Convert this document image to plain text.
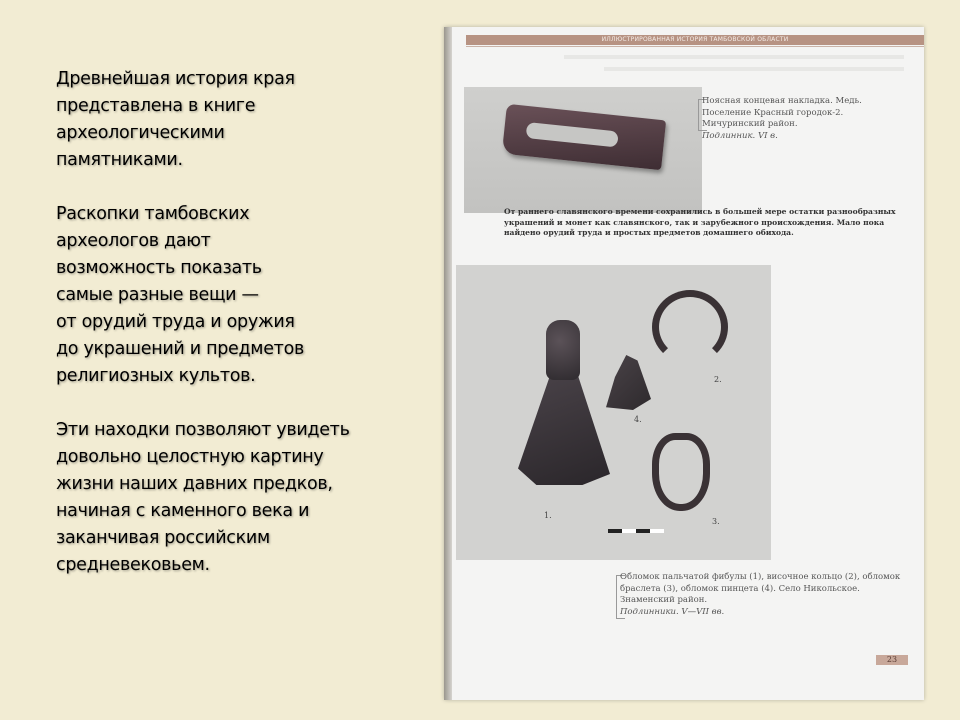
Древнейшая история края
представлена в книге
археологическими
памятниками.

Раскопки тамбовских
археологов дают
возможность показать
самые разные вещи —
от орудий труда и оружия
до украшений и предметов
религиозных культов.

Эти находки позволяют увидеть
довольно целостную картину
жизни наших давних предков,
начиная с каменного века и
заканчивая российским
средневековьем.

ИЛЛЮСТРИРОВАННАЯ ИСТОРИЯ ТАМБОВСКОЙ ОБЛАСТИ
Поясная концевая накладка. Медь.
Поселение Красный городок-2.
Мичуринский район.
Подлинник. VI в.
От раннего славянского времени сохранились в большей мере остатки разнообразных украшений и монет как славянского, так и зарубежного происхождения. Мало пока найдено орудий труда и простых предметов домашнего обихода.
1.
2.
3.
4.
Обломок пальчатой фибулы (1), височное кольцо (2), обломок
браслета (3), обломок пинцета (4). Село Никольское.
Знаменский район.
Подлинники. V—VII вв.
23
